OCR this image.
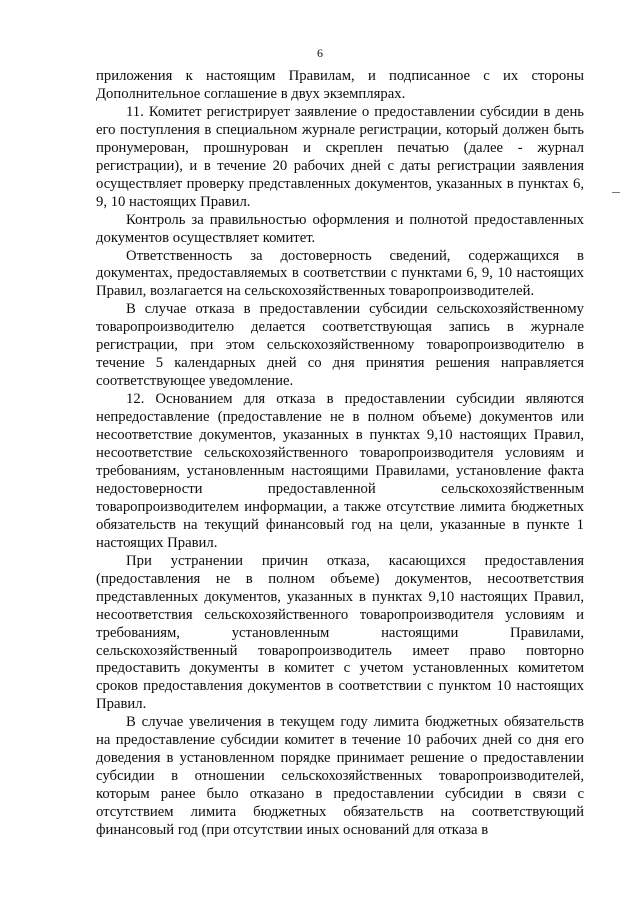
6

приложения к настоящим Правилам, и подписанное с их стороны Дополнительное соглашение в двух экземплярах.

11. Комитет регистрирует заявление о предоставлении субсидии в день его поступления в специальном журнале регистрации, который должен быть пронумерован, прошнурован и скреплен печатью (далее - журнал регистрации), и в течение 20 рабочих дней с даты регистрации заявления осуществляет проверку представленных документов, указанных в пунктах 6, 9, 10 настоящих Правил.

Контроль за правильностью оформления и полнотой предоставленных документов осуществляет комитет.

Ответственность за достоверность сведений, содержащихся в документах, предоставляемых в соответствии с пунктами 6, 9, 10 настоящих Правил, возлагается на сельскохозяйственных товаропроизводителей.

В случае отказа в предоставлении субсидии сельскохозяйственному товаропроизводителю делается соответствующая запись в журнале регистрации, при этом сельскохозяйственному товаропроизводителю в течение 5 календарных дней со дня принятия решения направляется соответствующее уведомление.

12. Основанием для отказа в предоставлении субсидии являются непредоставление (предоставление не в полном объеме) документов или несоответствие документов, указанных в пунктах 9,10 настоящих Правил, несоответствие сельскохозяйственного товаропроизводителя условиям и требованиям, установленным настоящими Правилами, установление факта недостоверности предоставленной сельскохозяйственным товаропроизводителем информации, а также отсутствие лимита бюджетных обязательств на текущий финансовый год на цели, указанные в пункте 1 настоящих Правил.

При устранении причин отказа, касающихся предоставления (предоставления не в полном объеме) документов, несоответствия представленных документов, указанных в пунктах 9,10 настоящих Правил, несоответствия сельскохозяйственного товаропроизводителя условиям и требованиям, установленным настоящими Правилами, сельскохозяйственный товаропроизводитель имеет право повторно предоставить документы в комитет с учетом установленных комитетом сроков предоставления документов в соответствии с пунктом 10 настоящих Правил.

В случае увеличения в текущем году лимита бюджетных обязательств на предоставление субсидии комитет в течение 10 рабочих дней со дня его доведения в установленном порядке принимает решение о предоставлении субсидии в отношении сельскохозяйственных товаропроизводителей, которым ранее было отказано в предоставлении субсидии в связи с отсутствием лимита бюджетных обязательств на соответствующий финансовый год (при отсутствии иных оснований для отказа в
